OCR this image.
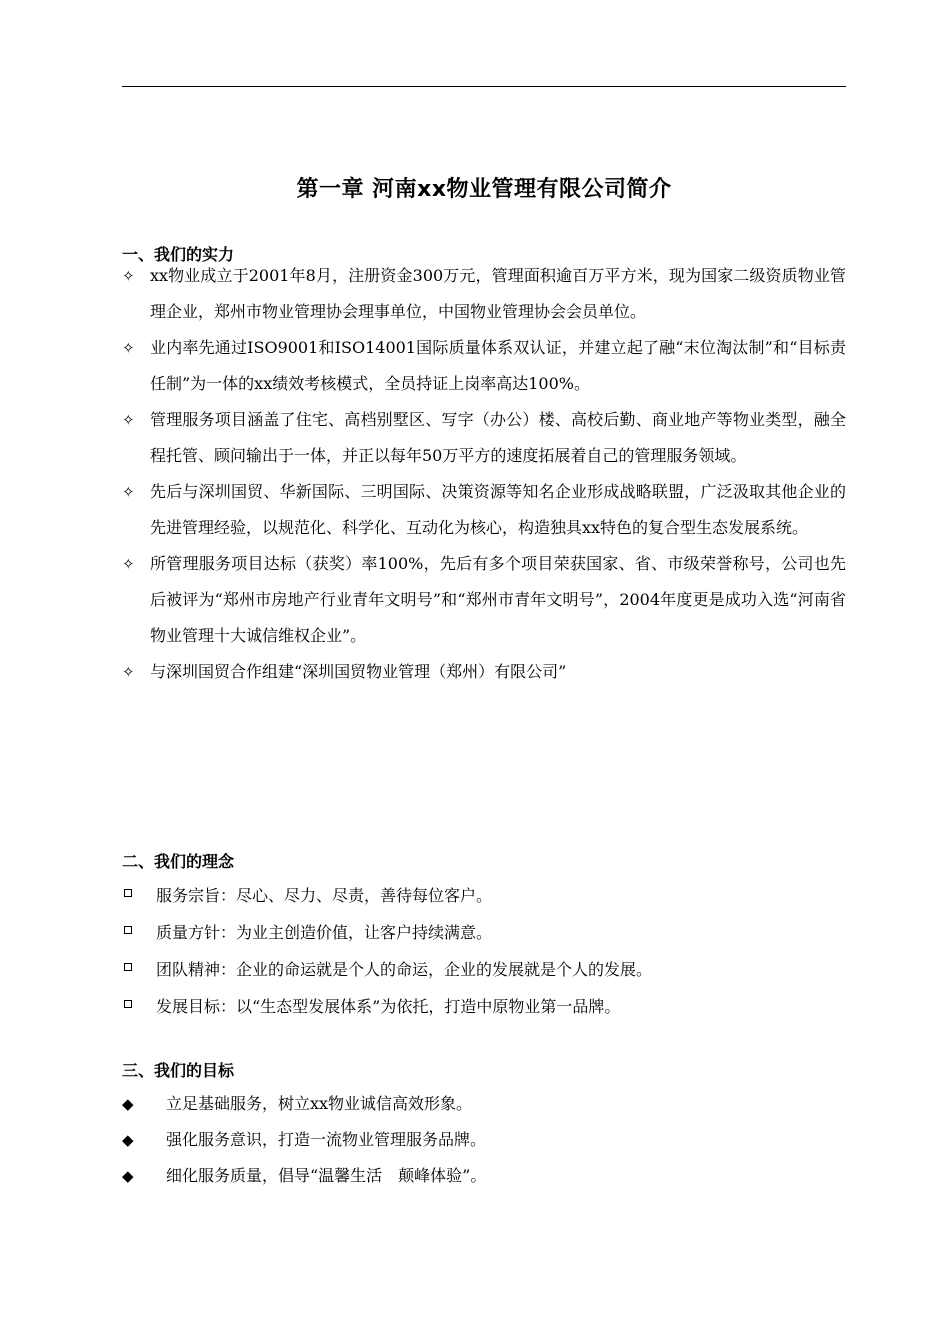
第一章 河南xx物业管理有限公司简介
一、我们的实力
✧ xx物业成立于2001年8月，注册资金300万元，管理面积逾百万平方米，现为国家二级资质物业管理企业，郑州市物业管理协会理事单位，中国物业管理协会会员单位。
✧ 业内率先通过ISO9001和ISO14001国际质量体系双认证，并建立起了融“末位淘汰制”和“目标责任制”为一体的xx绩效考核模式，全员持证上岗率高达100%。
✧ 管理服务项目涵盖了住宅、高档别墅区、写字（办公）楼、高校后勤、商业地产等物业类型，融全程托管、顾问输出于一体，并正以每年50万平方的速度拓展着自己的管理服务领域。
✧ 先后与深圳国贸、华新国际、三明国际、决策资源等知名企业形成战略联盟，广泛汲取其他企业的先进管理经验，以规范化、科学化、互动化为核心，构造独具xx特色的复合型生态发展系统。
✧ 所管理服务项目达标（获奖）率100%，先后有多个项目荣获国家、省、市级荣誉称号，公司也先后被评为“郑州市房地产行业青年文明号”和“郑州市青年文明号”，2004年度更是成功入选“河南省物业管理十大诚信维权企业”。
✧ 与深圳国贸合作组建“深圳国贸物业管理（郑州）有限公司”
二、我们的理念
服务宗旨：尽心、尽力、尽责，善待每位客户。
质量方针：为业主创造价值，让客户持续满意。
团队精神：企业的命运就是个人的命运，企业的发展就是个人的发展。
发展目标：以“生态型发展体系”为依托，打造中原物业第一品牌。
三、我们的目标
◆ 立足基础服务，树立xx物业诚信高效形象。
◆ 强化服务意识，打造一流物业管理服务品牌。
◆ 细化服务质量，倡导“温馨生活　颠峰体验”。
